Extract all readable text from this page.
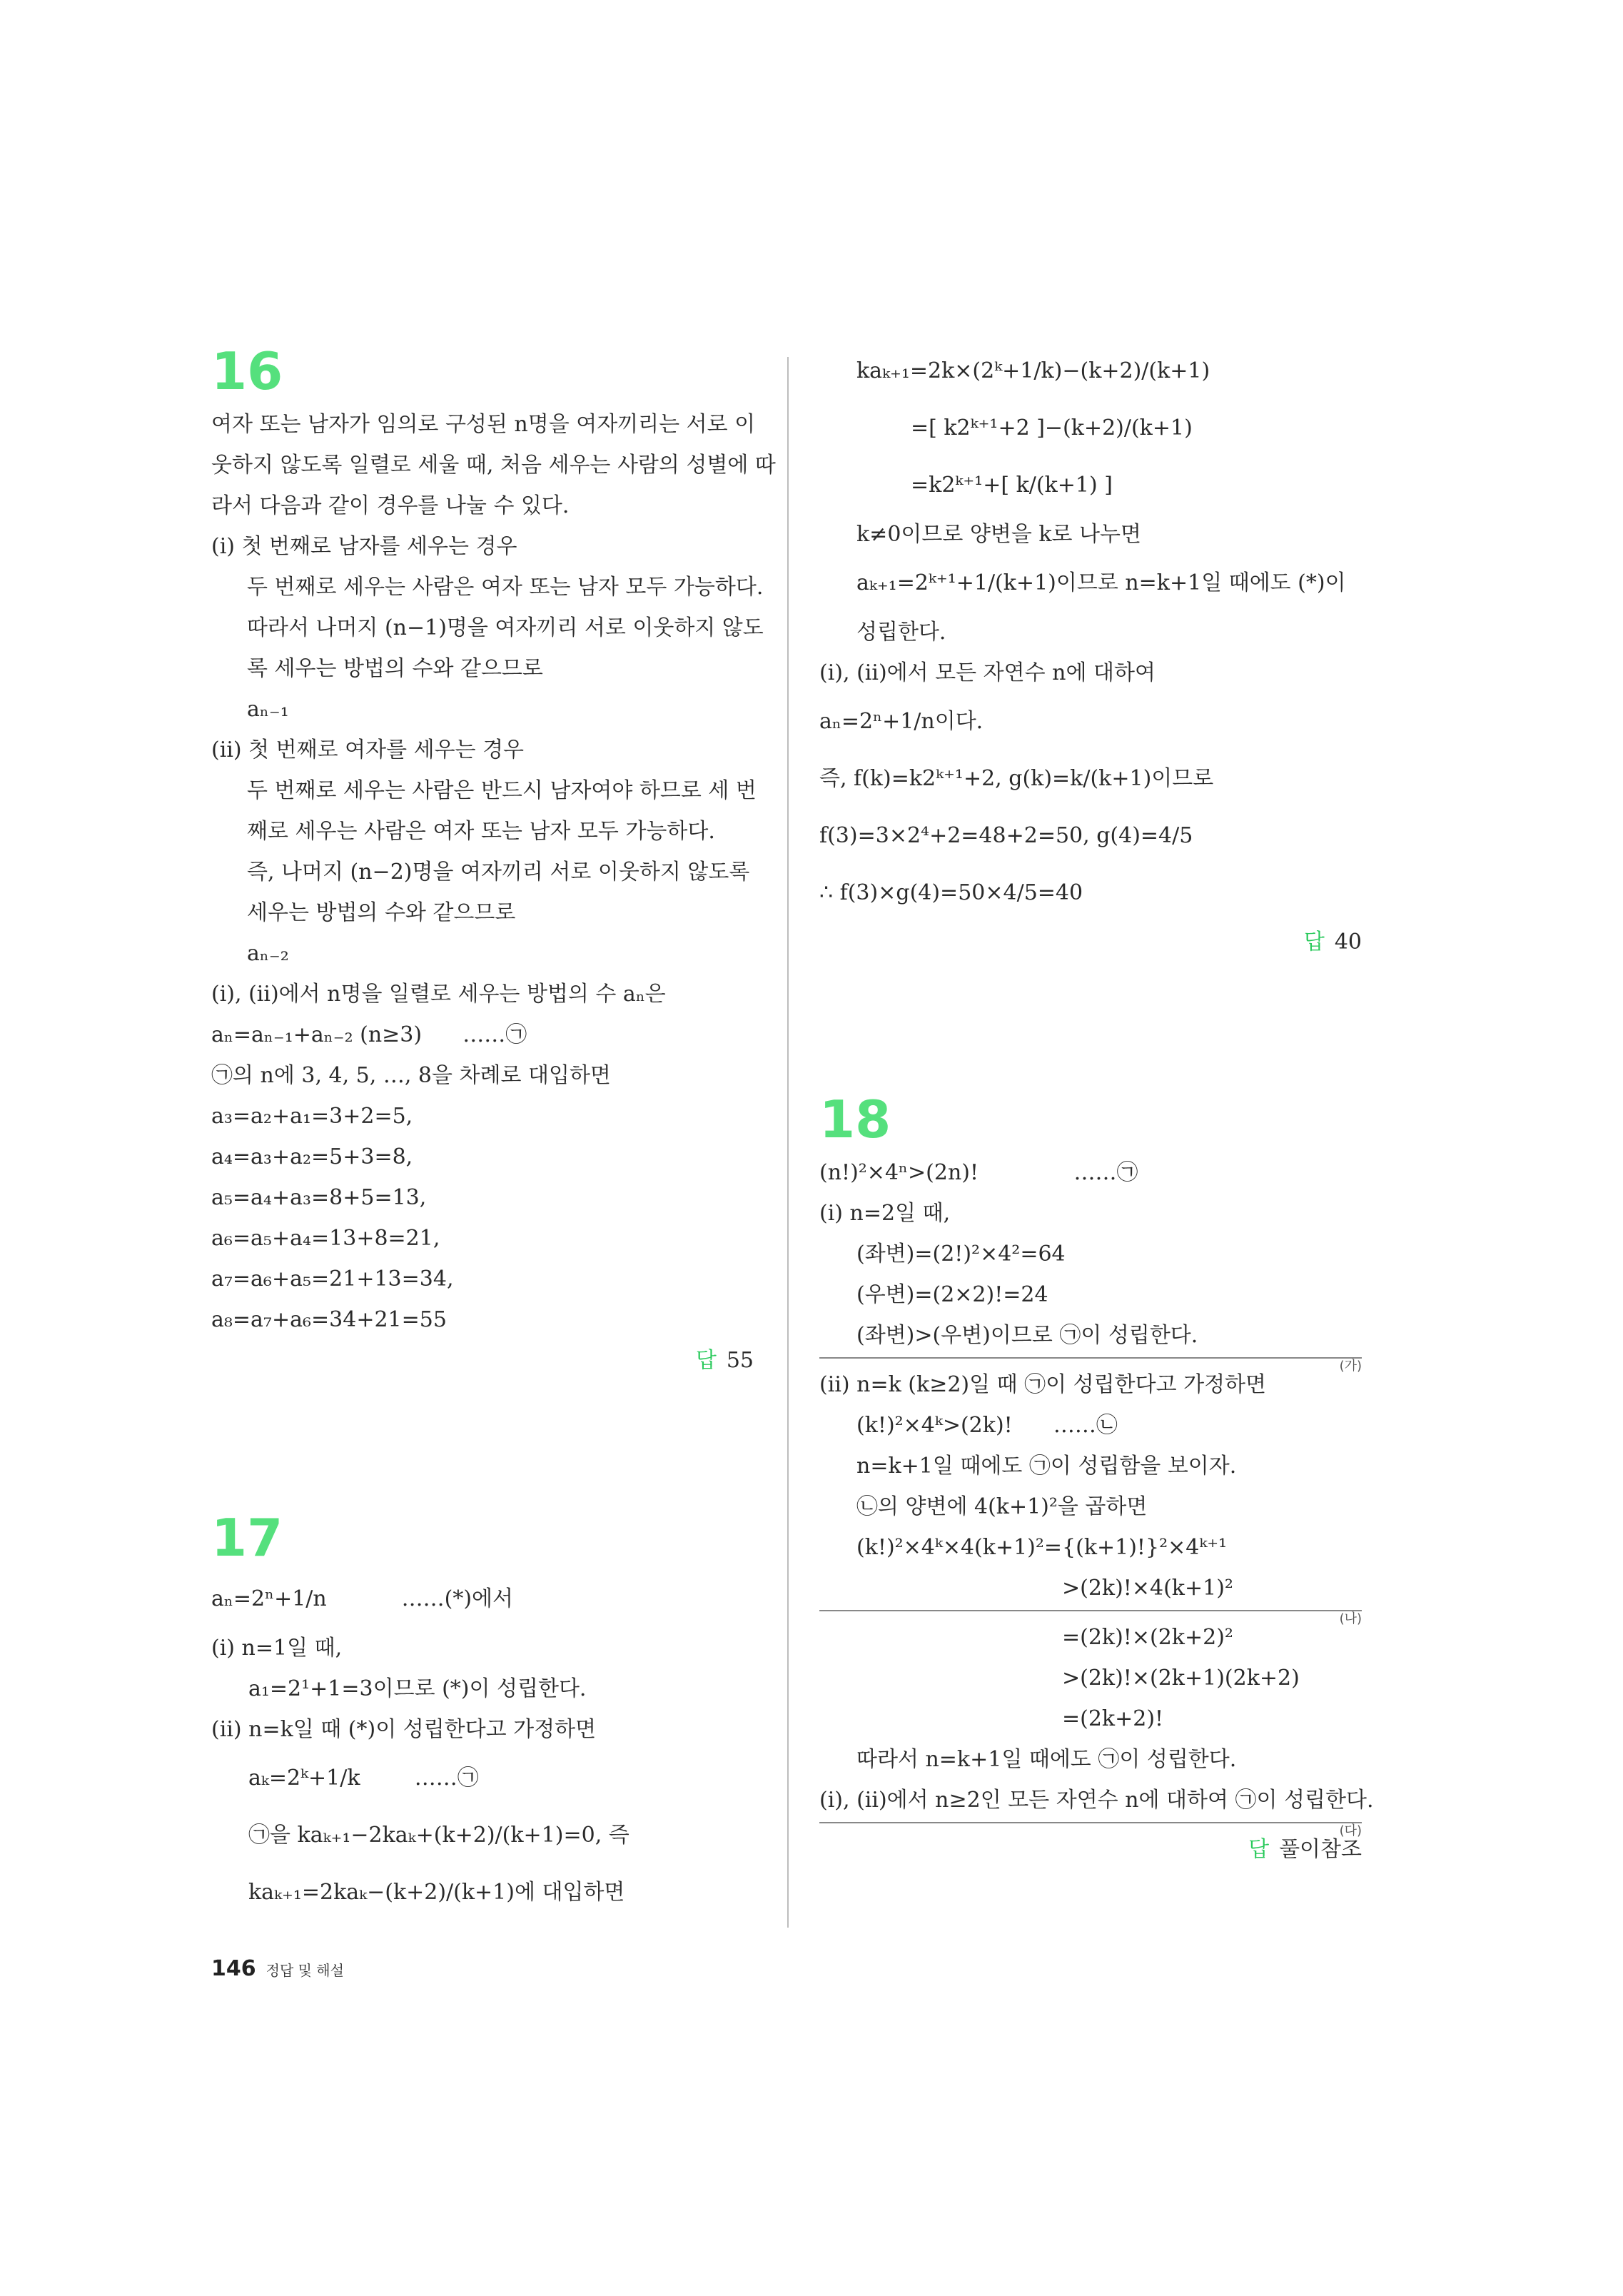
16
여자 또는 남자가 임의로 구성된 n명을 여자끼리는 서로 이
웃하지 않도록 일렬로 세울 때, 처음 세우는 사람의 성별에 따
라서 다음과 같이 경우를 나눌 수 있다.
(ⅰ) 첫 번째로 남자를 세우는 경우
두 번째로 세우는 사람은 여자 또는 남자 모두 가능하다.
따라서 나머지 (n−1)명을 여자끼리 서로 이웃하지 않도
록 세우는 방법의 수와 같으므로
aₙ₋₁
(ⅱ) 첫 번째로 여자를 세우는 경우
두 번째로 세우는 사람은 반드시 남자여야 하므로 세 번
째로 세우는 사람은 여자 또는 남자 모두 가능하다.
즉, 나머지 (n−2)명을 여자끼리 서로 이웃하지 않도록
세우는 방법의 수와 같으므로
aₙ₋₂
(ⅰ), (ⅱ)에서 n명을 일렬로 세우는 방법의 수 aₙ은
aₙ=aₙ₋₁+aₙ₋₂ (n≥3)      ……㉠
㉠의 n에 3, 4, 5, …, 8을 차례로 대입하면
a₃=a₂+a₁=3+2=5,
a₄=a₃+a₂=5+3=8,
a₅=a₄+a₃=8+5=13,
a₆=a₅+a₄=13+8=21,
a₇=a₆+a₅=21+13=34,
a₈=a₇+a₆=34+21=55
답 55
17
aₙ=2ⁿ+1/n           ……(*)에서
(ⅰ) n=1일 때,
a₁=2¹+1=3이므로 (*)이 성립한다.
(ⅱ) n=k일 때 (*)이 성립한다고 가정하면
aₖ=2ᵏ+1/k        ……㉠
㉠을 kaₖ₊₁−2kaₖ+(k+2)/(k+1)=0, 즉
kaₖ₊₁=2kaₖ−(k+2)/(k+1)에 대입하면
kaₖ₊₁=2k×(2ᵏ+1/k)−(k+2)/(k+1)
=[ k2ᵏ⁺¹+2 ]−(k+2)/(k+1)
=k2ᵏ⁺¹+[ k/(k+1) ]
k≠0이므로 양변을 k로 나누면
aₖ₊₁=2ᵏ⁺¹+1/(k+1)이므로 n=k+1일 때에도 (*)이
성립한다.
(ⅰ), (ⅱ)에서 모든 자연수 n에 대하여
aₙ=2ⁿ+1/n이다.
즉, f(k)=k2ᵏ⁺¹+2, g(k)=k/(k+1)이므로
f(3)=3×2⁴+2=48+2=50, g(4)=4/5
∴ f(3)×g(4)=50×4/5=40
답 40
18
(n!)²×4ⁿ>(2n)!              ……㉠
(ⅰ) n=2일 때,
(좌변)=(2!)²×4²=64
(우변)=(2×2)!=24
(좌변)>(우변)이므로 ㉠이 성립한다.
(가)
(ⅱ) n=k (k≥2)일 때 ㉠이 성립한다고 가정하면
(k!)²×4ᵏ>(2k)!      ……㉡
n=k+1일 때에도 ㉠이 성립함을 보이자.
㉡의 양변에 4(k+1)²을 곱하면
(k!)²×4ᵏ×4(k+1)²={(k+1)!}²×4ᵏ⁺¹
>(2k)!×4(k+1)²
(나)
=(2k)!×(2k+2)²
>(2k)!×(2k+1)(2k+2)
=(2k+2)!
따라서 n=k+1일 때에도 ㉠이 성립한다.
(ⅰ), (ⅱ)에서 n≥2인 모든 자연수 n에 대하여 ㉠이 성립한다.
(다)
답 풀이참조
146 정답 및 해설
